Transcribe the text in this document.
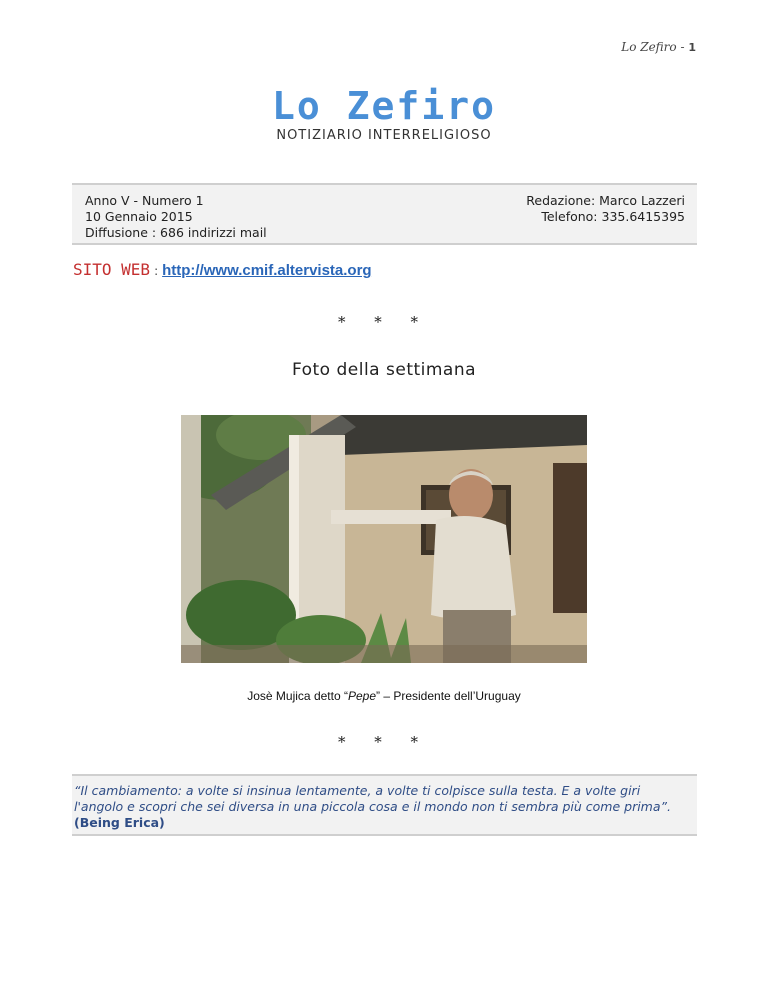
Lo Zefiro - 1
Lo Zefiro
NOTIZIARIO INTERRELIGIOSO
Anno V - Numero 1
10 Gennaio 2015
Diffusione : 686 indirizzi mail
Redazione: Marco Lazzeri
Telefono: 335.6415395
SITO WEB : http://www.cmif.altervista.org
* * *
Foto della settimana
Josè Mujica detto “Pepe” – Presidente dell’Uruguay
* * *
“Il cambiamento: a volte si insinua lentamente, a volte ti colpisce sulla testa. E a volte giri
l'angolo e scopri che sei diversa in una piccola cosa e il mondo non ti sembra più come prima”.
(Being Erica)
